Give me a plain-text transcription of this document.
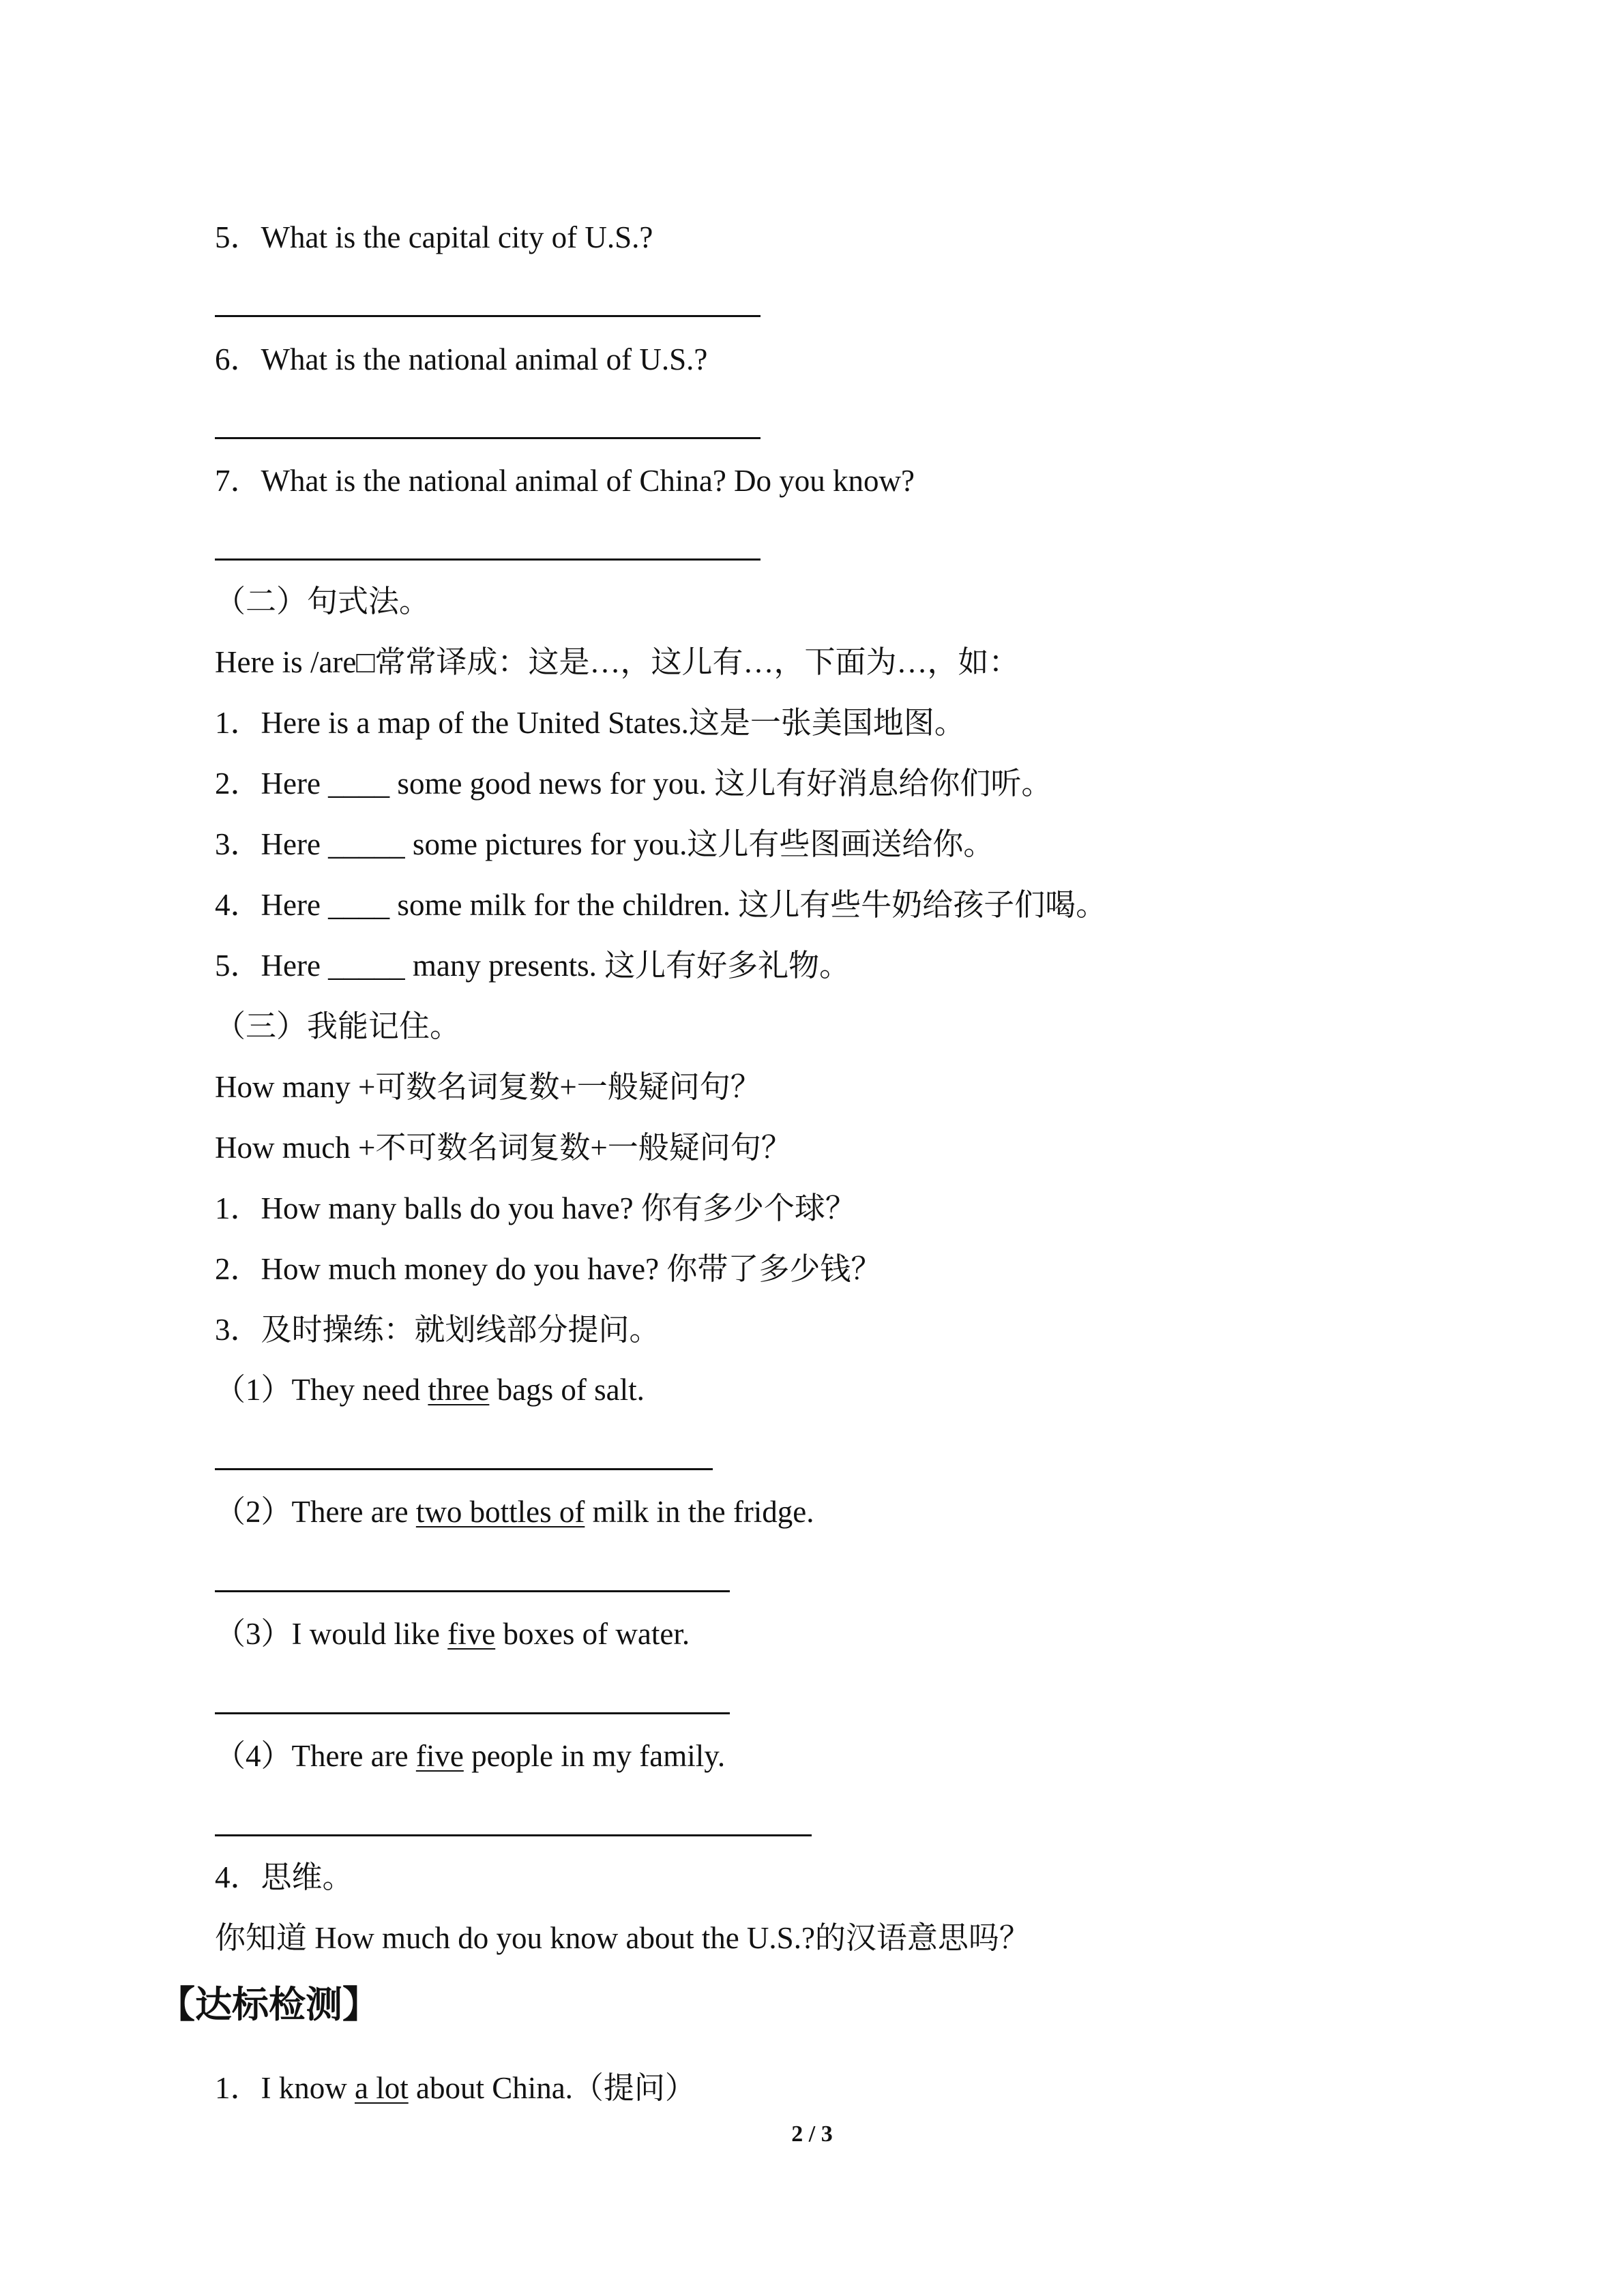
5．What is the capital city of U.S.?
6．What is the national animal of U.S.?
7．What is the national animal of China? Do you know?
（二）句式法。
Here is /are□常常译成：这是…，这儿有…，下面为…，如：
1．Here is a map of the United States.这是一张美国地图。
2．Here ____ some good news for you. 这儿有好消息给你们听。
3．Here _____ some pictures for you.这儿有些图画送给你。
4．Here ____ some milk for the children. 这儿有些牛奶给孩子们喝。
5．Here _____ many presents. 这儿有好多礼物。
（三）我能记住。
How many +可数名词复数+一般疑问句？
How much +不可数名词复数+一般疑问句？
1．How many balls do you have? 你有多少个球？
2．How much money do you have? 你带了多少钱？
3．及时操练：就划线部分提问。
（1）They need three bags of salt.
（2）There are two bottles of milk in the fridge.
（3）I would like five boxes of water.
（4）There are five people in my family.
4．思维。
你知道 How much do you know about the U.S.?的汉语意思吗？
【达标检测】
1．I know a lot about China.（提问）
2 / 3
